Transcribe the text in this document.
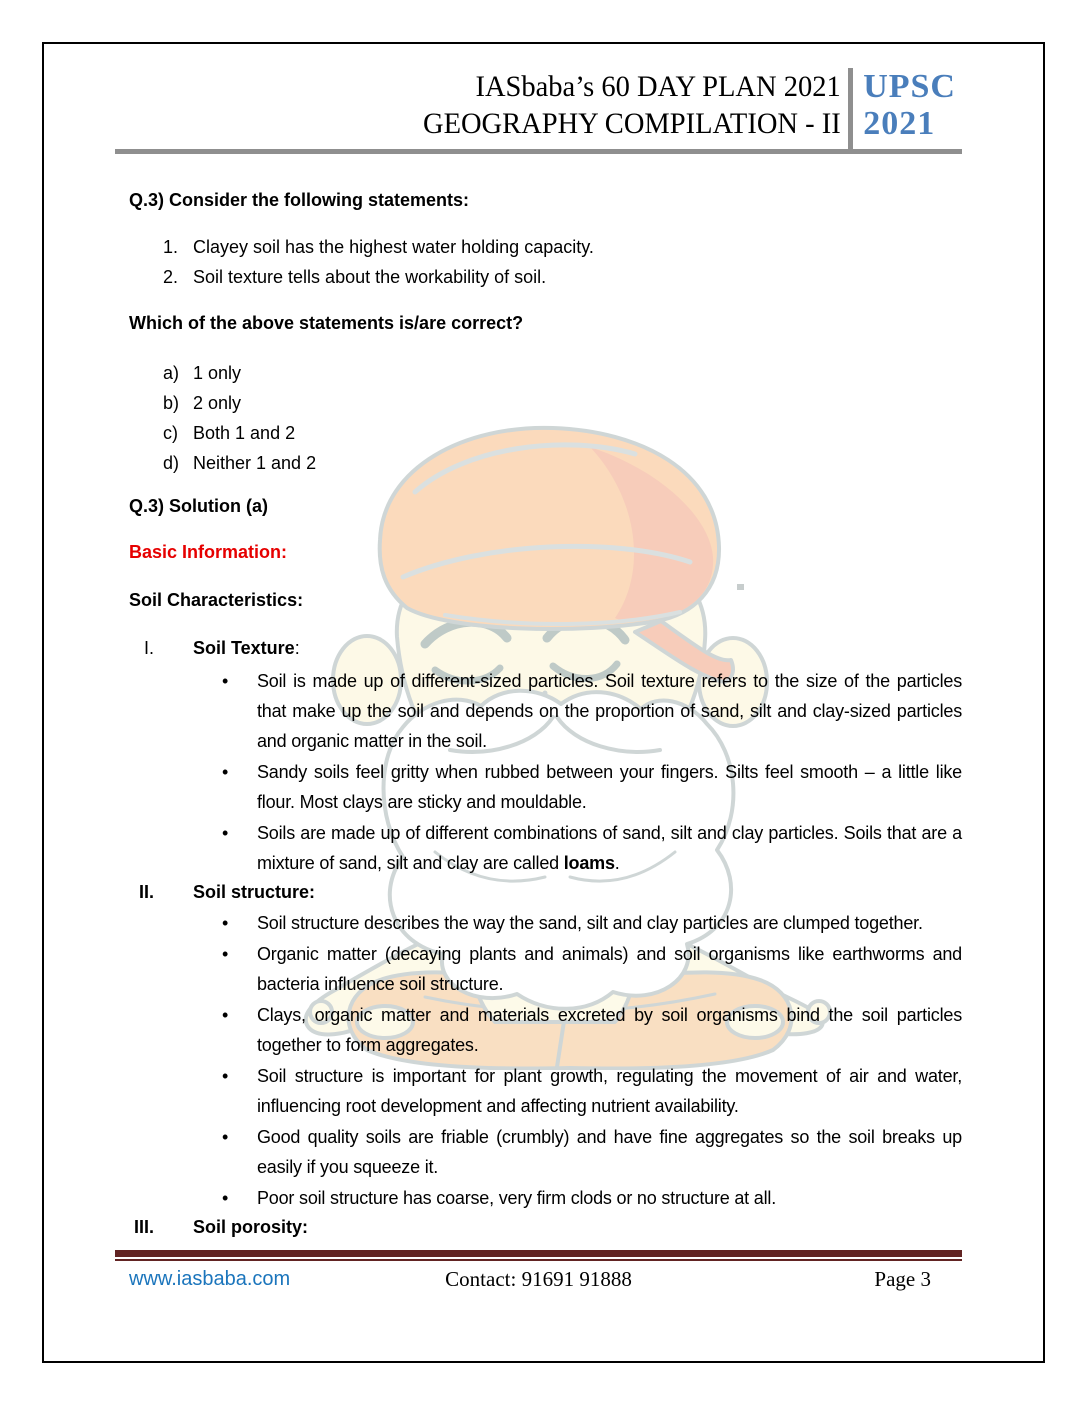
IASbaba’s 60 DAY PLAN 2021
GEOGRAPHY COMPILATION - II
UPSC
2021

Q.3) Consider the following statements:

1. Clayey soil has the highest water holding capacity.
2. Soil texture tells about the workability of soil.

Which of the above statements is/are correct?

a) 1 only
b) 2 only
c) Both 1 and 2
d) Neither 1 and 2

Q.3) Solution (a)

Basic Information:

Soil Characteristics:

I. Soil Texture:
• Soil is made up of different-sized particles. Soil texture refers to the size of the particles that make up the soil and depends on the proportion of sand, silt and clay-sized particles and organic matter in the soil.

• Sandy soils feel gritty when rubbed between your fingers. Silts feel smooth – a little like flour. Most clays are sticky and mouldable.

• Soils are made up of different combinations of sand, silt and clay particles. Soils that are a mixture of sand, silt and clay are called loams.

II. Soil structure:
• Soil structure describes the way the sand, silt and clay particles are clumped together.

• Organic matter (decaying plants and animals) and soil organisms like earthworms and bacteria influence soil structure.

• Clays, organic matter and materials excreted by soil organisms bind the soil particles together to form aggregates.

• Soil structure is important for plant growth, regulating the movement of air and water, influencing root development and affecting nutrient availability.

• Good quality soils are friable (crumbly) and have fine aggregates so the soil breaks up easily if you squeeze it.

• Poor soil structure has coarse, very firm clods or no structure at all.

III. Soil porosity:
www.iasbaba.com	Contact: 91691 91888	Page 3
